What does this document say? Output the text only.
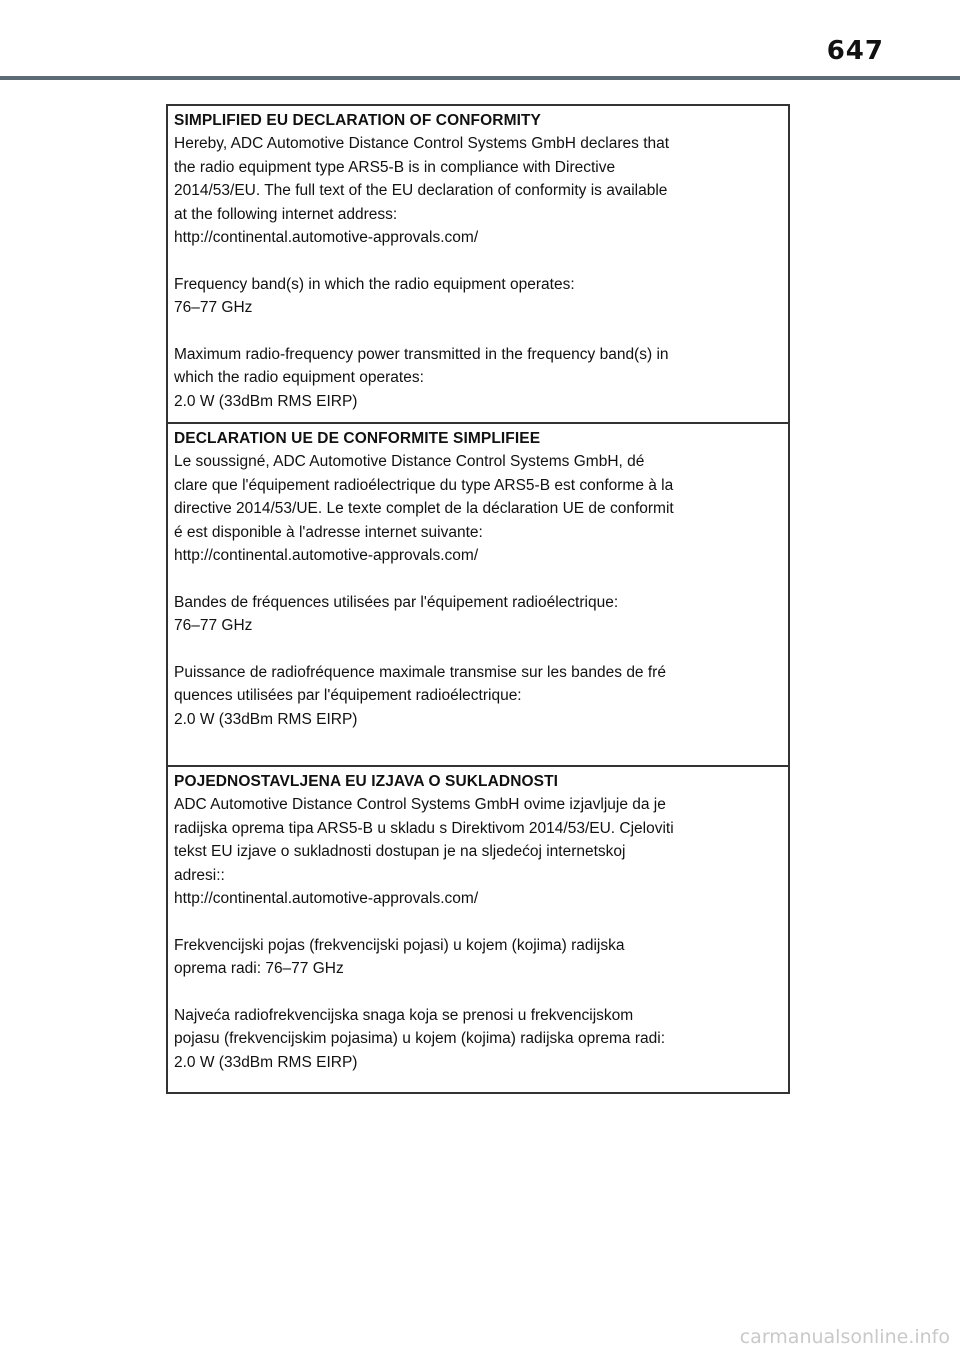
647
SIMPLIFIED EU DECLARATION OF CONFORMITY

Hereby, ADC Automotive Distance Control Systems GmbH declares that
the radio equipment type ARS5-B is in compliance with Directive
2014/53/EU. The full text of the EU declaration of conformity is available
at the following internet address:
http://continental.automotive-approvals.com/

Frequency band(s) in which the radio equipment operates:
76–77 GHz

Maximum radio-frequency power transmitted in the frequency band(s) in
which the radio equipment operates:
2.0 W (33dBm RMS EIRP)

DECLARATION UE DE CONFORMITE SIMPLIFIEE

Le soussigné, ADC Automotive Distance Control Systems GmbH, dé
clare que l'équipement radioélectrique du type ARS5-B est conforme à la
directive 2014/53/UE. Le texte complet de la déclaration UE de conformit
é est disponible à l'adresse internet suivante:
http://continental.automotive-approvals.com/

Bandes de fréquences utilisées par l'équipement radioélectrique:
76–77 GHz

Puissance de radiofréquence maximale transmise sur les bandes de fré
quences utilisées par l'équipement radioélectrique:
2.0 W (33dBm RMS EIRP)

POJEDNOSTAVLJENA EU IZJAVA O SUKLADNOSTI

ADC Automotive Distance Control Systems GmbH ovime izjavljuje da je
radijska oprema tipa ARS5-B u skladu s Direktivom 2014/53/EU. Cjeloviti
tekst EU izjave o sukladnosti dostupan je na sljedećoj internetskoj
adresi::
http://continental.automotive-approvals.com/

Frekvencijski pojas (frekvencijski pojasi) u kojem (kojima) radijska
oprema radi: 76–77 GHz

Najveća radiofrekvencijska snaga koja se prenosi u frekvencijskom
pojasu (frekvencijskim pojasima) u kojem (kojima) radijska oprema radi:
2.0 W (33dBm RMS EIRP)

carmanualsonline.info
